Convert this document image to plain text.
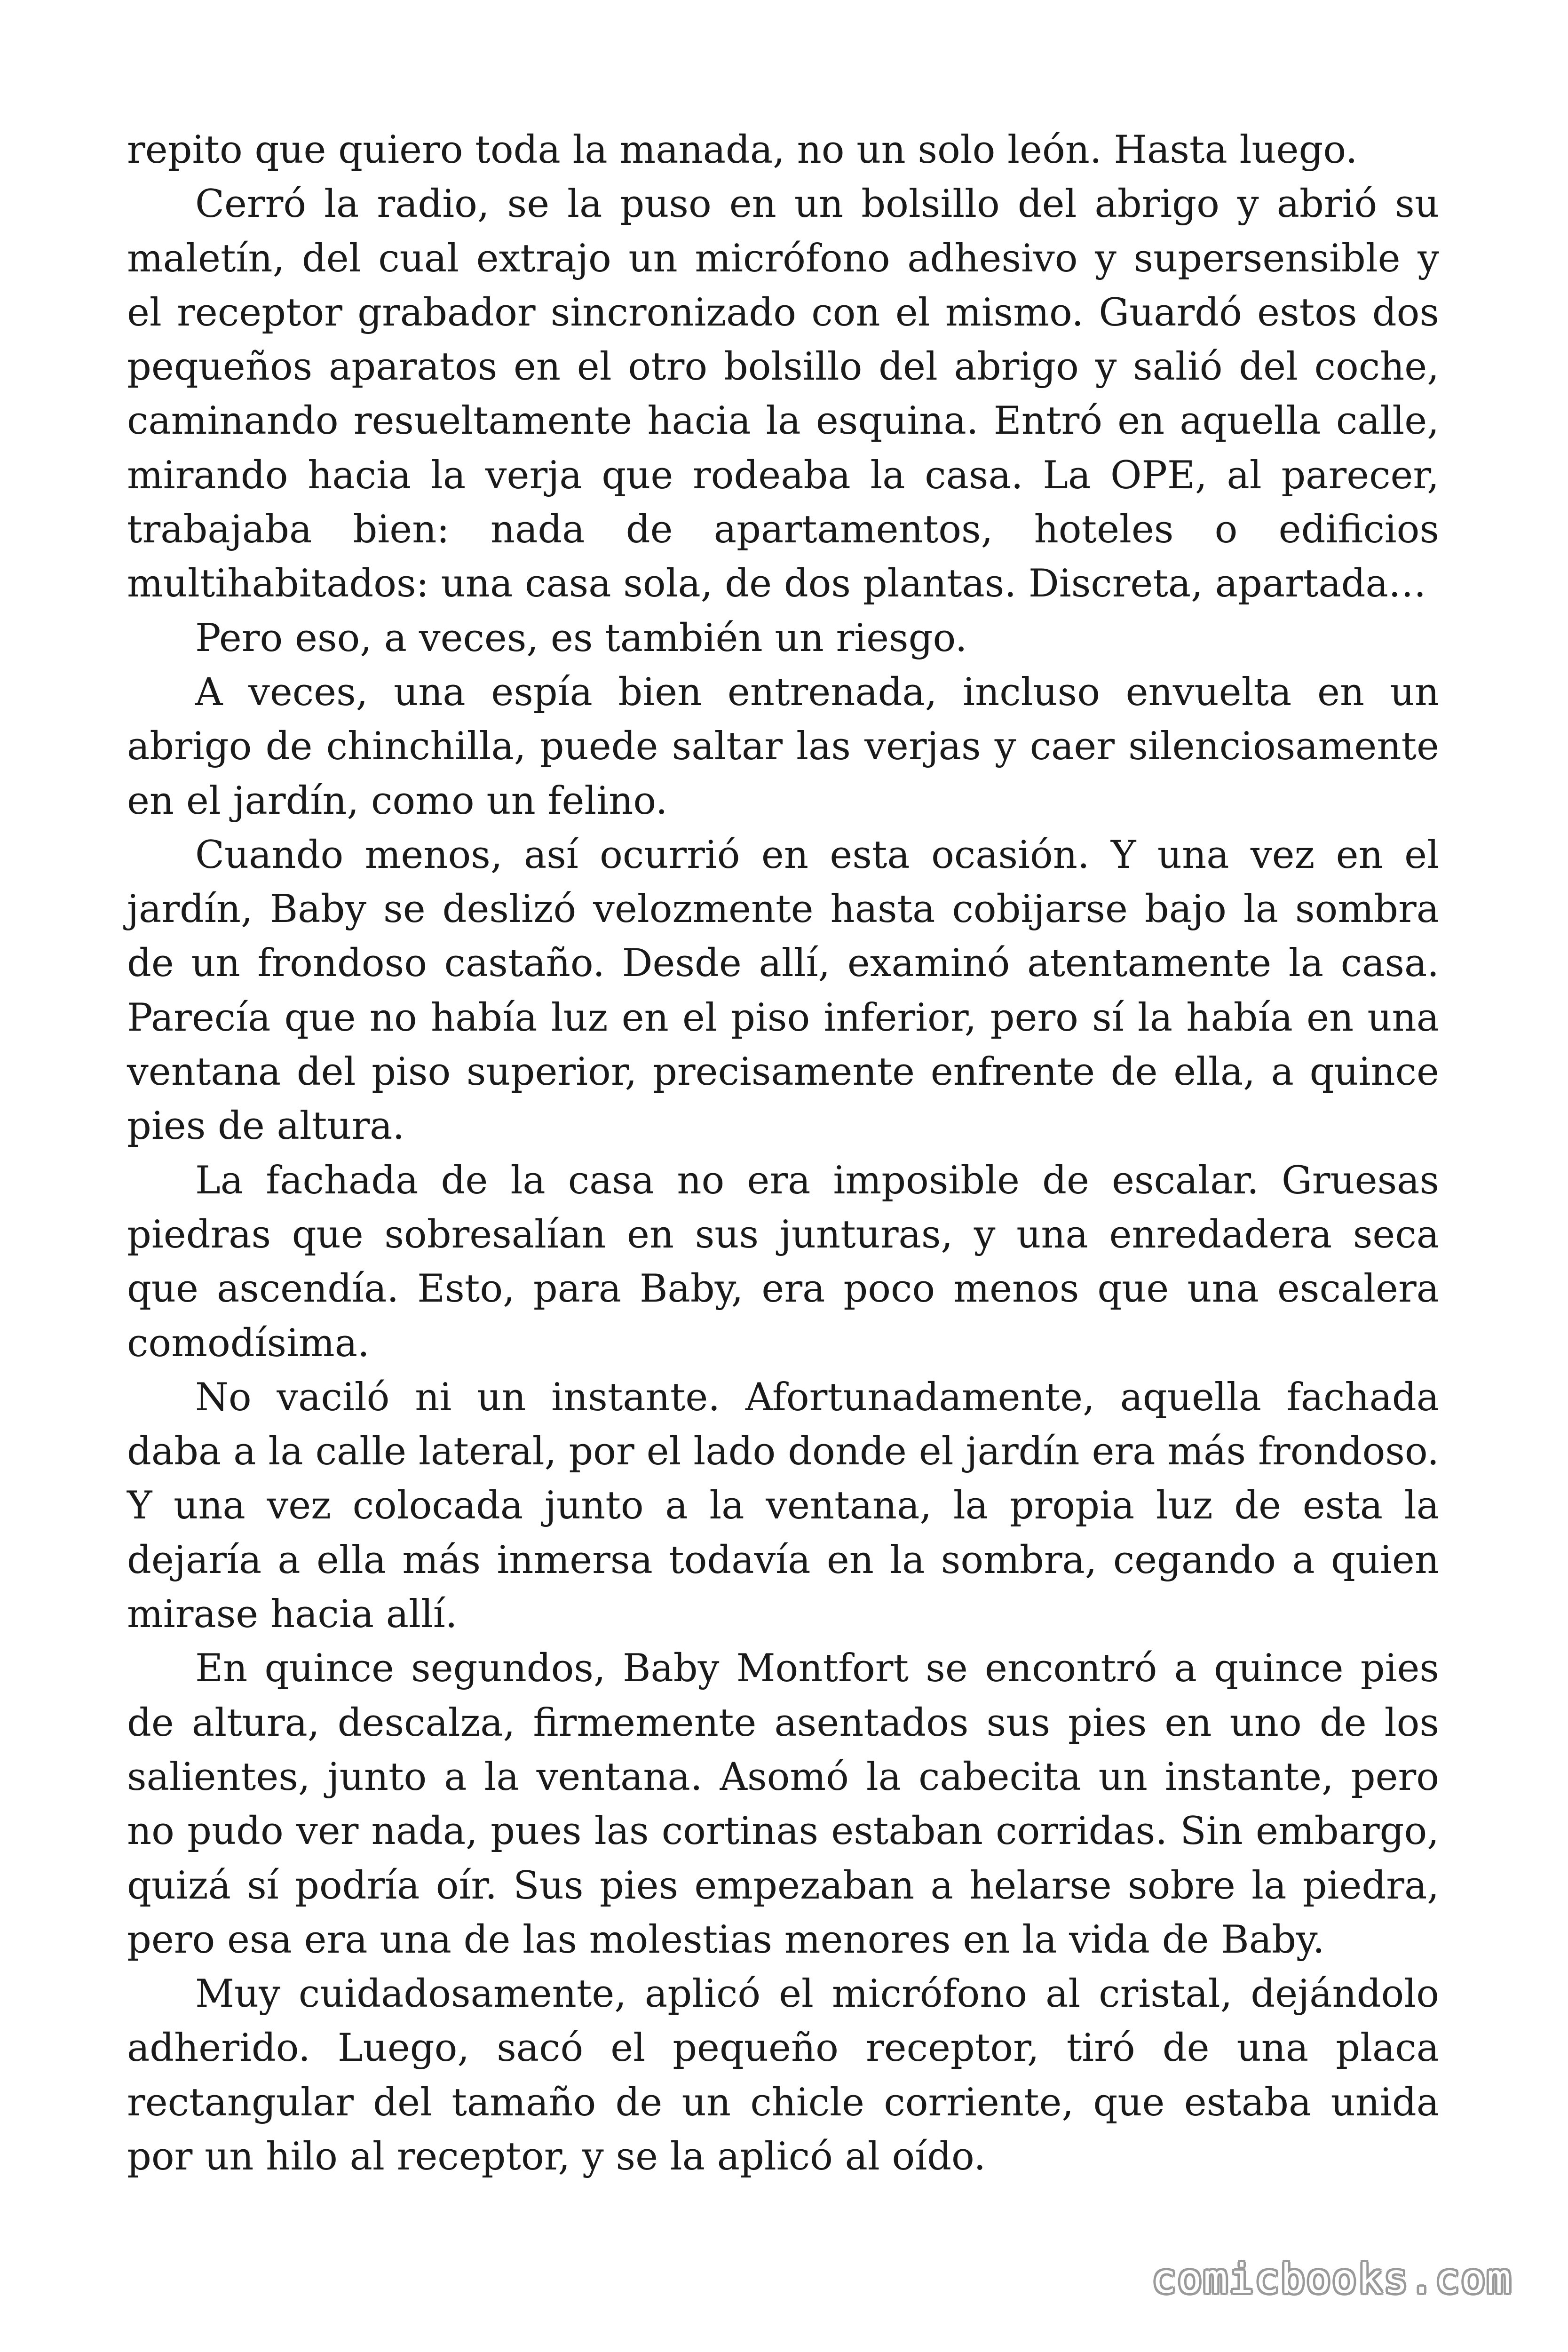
repito que quiero toda la manada, no un solo león. Hasta luego.

Cerró la radio, se la puso en un bolsillo del abrigo y abrió su maletín, del cual extrajo un micrófono adhesivo y supersensible y el receptor grabador sincronizado con el mismo. Guardó estos dos pequeños aparatos en el otro bolsillo del abrigo y salió del coche, caminando resueltamente hacia la esquina. Entró en aquella calle, mirando hacia la verja que rodeaba la casa. La OPE, al parecer, trabajaba bien: nada de apartamentos, hoteles o edificios multihabitados: una casa sola, de dos plantas. Discreta, apartada…

Pero eso, a veces, es también un riesgo.

A veces, una espía bien entrenada, incluso envuelta en un abrigo de chinchilla, puede saltar las verjas y caer silenciosamente en el jardín, como un felino.

Cuando menos, así ocurrió en esta ocasión. Y una vez en el jardín, Baby se deslizó velozmente hasta cobijarse bajo la sombra de un frondoso castaño. Desde allí, examinó atentamente la casa. Parecía que no había luz en el piso inferior, pero sí la había en una ventana del piso superior, precisamente enfrente de ella, a quince pies de altura.

La fachada de la casa no era imposible de escalar. Gruesas piedras que sobresalían en sus junturas, y una enredadera seca que ascendía. Esto, para Baby, era poco menos que una escalera comodísima.

No vaciló ni un instante. Afortunadamente, aquella fachada daba a la calle lateral, por el lado donde el jardín era más frondoso. Y una vez colocada junto a la ventana, la propia luz de esta la dejaría a ella más inmersa todavía en la sombra, cegando a quien mirase hacia allí.

En quince segundos, Baby Montfort se encontró a quince pies de altura, descalza, firmemente asentados sus pies en uno de los salientes, junto a la ventana. Asomó la cabecita un instante, pero no pudo ver nada, pues las cortinas estaban corridas. Sin embargo, quizá sí podría oír. Sus pies empezaban a helarse sobre la piedra, pero esa era una de las molestias menores en la vida de Baby.

Muy cuidadosamente, aplicó el micrófono al cristal, dejándolo adherido. Luego, sacó el pequeño receptor, tiró de una placa rectangular del tamaño de un chicle corriente, que estaba unida por un hilo al receptor, y se la aplicó al oído.

comicbooks.com
